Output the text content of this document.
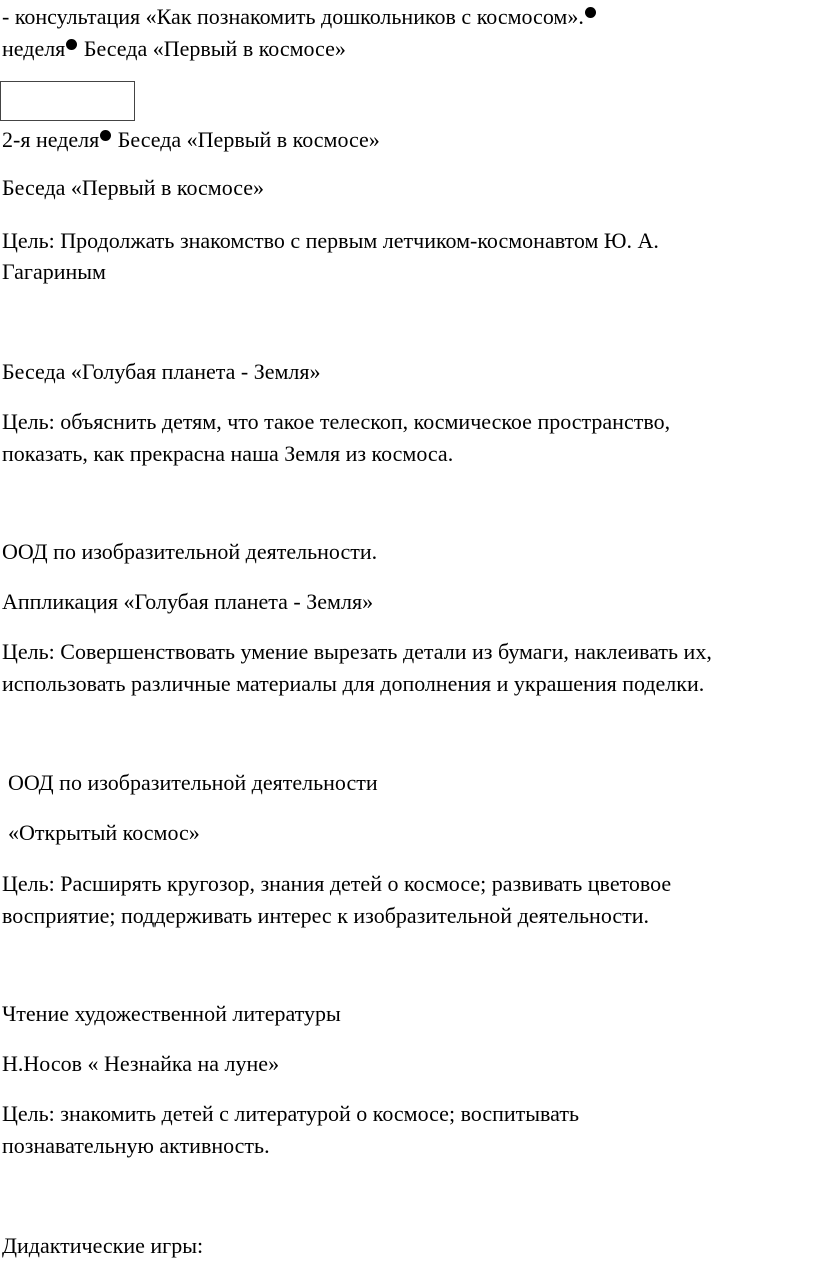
- консультация «Как познакомить дошкольников с космосом».
неделя Беседа «Первый в космосе»
2-я неделя Беседа «Первый в космосе»
Беседа «Первый в космосе»
Цель: Продолжать знакомство с первым летчиком-космонавтом Ю. А.
Гагариным
Беседа «Голубая планета - Земля»
Цель: объяснить детям, что такое телескоп, космическое пространство,
показать, как прекрасна наша Земля из космоса.
ООД по изобразительной деятельности.
Аппликация «Голубая планета - Земля»
Цель: Совершенствовать умение вырезать детали из бумаги, наклеивать их,
использовать различные материалы для дополнения и украшения поделки.
ООД по изобразительной деятельности
«Открытый космос»
Цель: Расширять кругозор, знания детей о космосе; развивать цветовое
восприятие; поддерживать интерес к изобразительной деятельности.
Чтение художественной литературы
Н.Носов « Незнайка на луне»
Цель: знакомить детей с литературой о космосе; воспитывать
познавательную активность.
Дидактические игры:
